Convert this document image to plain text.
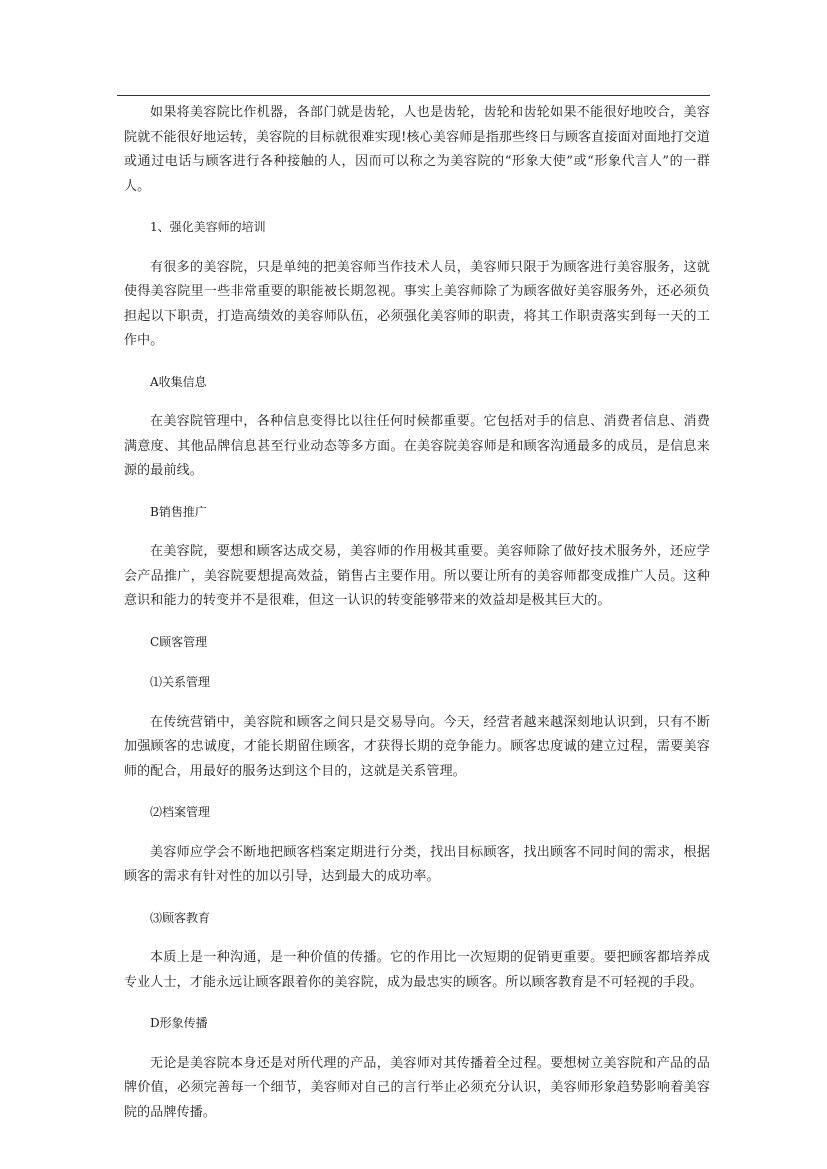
如果将美容院比作机器，各部门就是齿轮，人也是齿轮，齿轮和齿轮如果不能很好地咬合，美容院就不能很好地运转，美容院的目标就很难实现!核心美容师是指那些终日与顾客直接面对面地打交道或通过电话与顾客进行各种接触的人，因而可以称之为美容院的“形象大使”或“形象代言人”的一群人。

1、强化美容师的培训

有很多的美容院，只是单纯的把美容师当作技术人员，美容师只限于为顾客进行美容服务，这就使得美容院里一些非常重要的职能被长期忽视。事实上美容师除了为顾客做好美容服务外，还必须负担起以下职责，打造高绩效的美容师队伍，必须强化美容师的职责，将其工作职责落实到每一天的工作中。

A收集信息

在美容院管理中，各种信息变得比以往任何时候都重要。它包括对手的信息、消费者信息、消费满意度、其他品牌信息甚至行业动态等多方面。在美容院美容师是和顾客沟通最多的成员，是信息来源的最前线。

B销售推广

在美容院，要想和顾客达成交易，美容师的作用极其重要。美容师除了做好技术服务外，还应学会产品推广，美容院要想提高效益，销售占主要作用。所以要让所有的美容师都变成推广人员。这种意识和能力的转变并不是很难，但这一认识的转变能够带来的效益却是极其巨大的。

C顾客管理

⑴关系管理

在传统营销中，美容院和顾客之间只是交易导向。今天，经营者越来越深刻地认识到，只有不断加强顾客的忠诚度，才能长期留住顾客，才获得长期的竞争能力。顾客忠度诚的建立过程，需要美容师的配合，用最好的服务达到这个目的，这就是关系管理。

⑵档案管理

美容师应学会不断地把顾客档案定期进行分类，找出目标顾客，找出顾客不同时间的需求，根据顾客的需求有针对性的加以引导，达到最大的成功率。

⑶顾客教育

本质上是一种沟通，是一种价值的传播。它的作用比一次短期的促销更重要。要把顾客都培养成专业人士，才能永远让顾客跟着你的美容院，成为最忠实的顾客。所以顾客教育是不可轻视的手段。

D形象传播

无论是美容院本身还是对所代理的产品，美容师对其传播着全过程。要想树立美容院和产品的品牌价值，必须完善每一个细节，美容师对自己的言行举止必须充分认识，美容师形象趋势影响着美容院的品牌传播。
